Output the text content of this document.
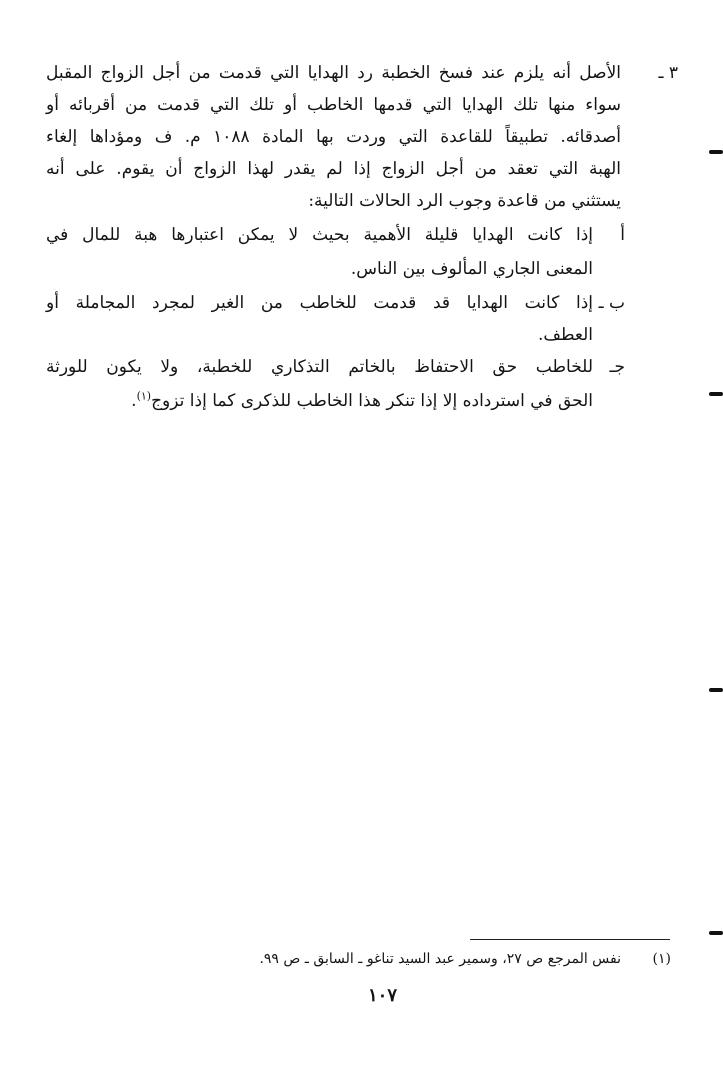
٣ ـ
الأصل أنه يلزم عند فسخ الخطبة رد الهدايا التي قدمت من أجل الزواج المقبل
سواء منها تلك الهدايا التي قدمها الخاطب أو تلك التي قدمت من أقربائه أو
أصدقائه. تطبيقاً للقاعدة التي وردت بها المادة ١٠٨٨ م. ف ومؤداها إلغاء
الهبة التي تعقد من أجل الزواج إذا لم يقدر لهذا الزواج أن يقوم. على أنه
يستثني من قاعدة وجوب الرد الحالات التالية:
أ
إذا كانت الهدايا قليلة الأهمية بحيث لا يمكن اعتبارها هبة للمال في
المعنى الجاري المألوف بين الناس.
ب ـ
إذا كانت الهدايا قد قدمت للخاطب من الغير لمجرد المجاملة أو
العطف.
جـ
للخاطب حق الاحتفاظ بالخاتم التذكاري للخطبة، ولا يكون للورثة
الحق في استرداده إلا إذا تنكر هذا الخاطب للذكرى كما إذا تزوج$^{(١)}$.
(١)
نفس المرجع ص ٢٧، وسمير عبد السيد تناغو ـ السابق ـ ص ٩٩.
١٠٧
